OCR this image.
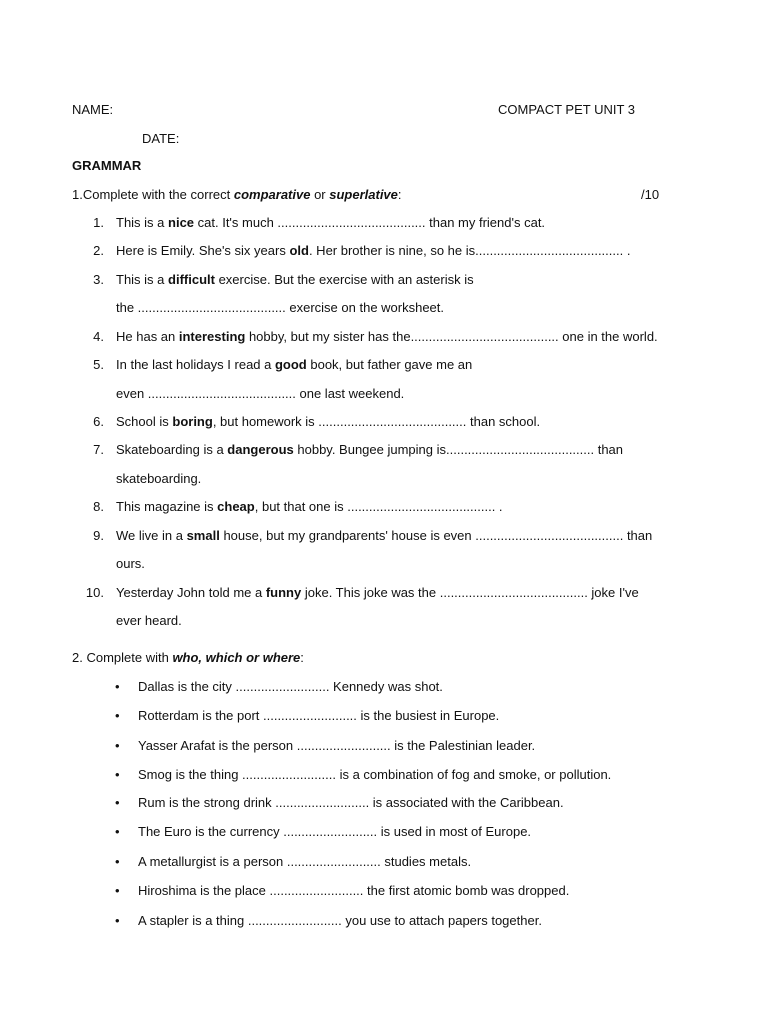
NAME:	COMPACT PET UNIT 3
DATE:
GRAMMAR
1.Complete with the correct comparative or superlative:	/10
1. This is a nice cat. It's much ......................................... than my friend's cat.
2. Here is Emily. She's six years old. Her brother is nine, so he is......................................... .
3. This is a difficult exercise. But the exercise with an asterisk is
the ......................................... exercise on the worksheet.
4. He has an interesting hobby, but my sister has the......................................... one in the world.
5. In the last holidays I read a good book, but father gave me an
even ......................................... one last weekend.
6. School is boring, but homework is ......................................... than school.
7. Skateboarding is a dangerous hobby. Bungee jumping is......................................... than
skateboarding.
8. This magazine is cheap, but that one is ......................................... .
9. We live in a small house, but my grandparents' house is even ......................................... than
ours.
10. Yesterday John told me a funny joke. This joke was the ......................................... joke I've
ever heard.
2. Complete with who, which or where:
• Dallas is the city .......................... Kennedy was shot.
• Rotterdam is the port .......................... is the busiest in Europe.
• Yasser Arafat is the person .......................... is the Palestinian leader.
• Smog is the thing .......................... is a combination of fog and smoke, or pollution.
• Rum is the strong drink .......................... is associated with the Caribbean.
• The Euro is the currency .......................... is used in most of Europe.
• A metallurgist is a person .......................... studies metals.
• Hiroshima is the place .......................... the first atomic bomb was dropped.
• A stapler is a thing .......................... you use to attach papers together.
